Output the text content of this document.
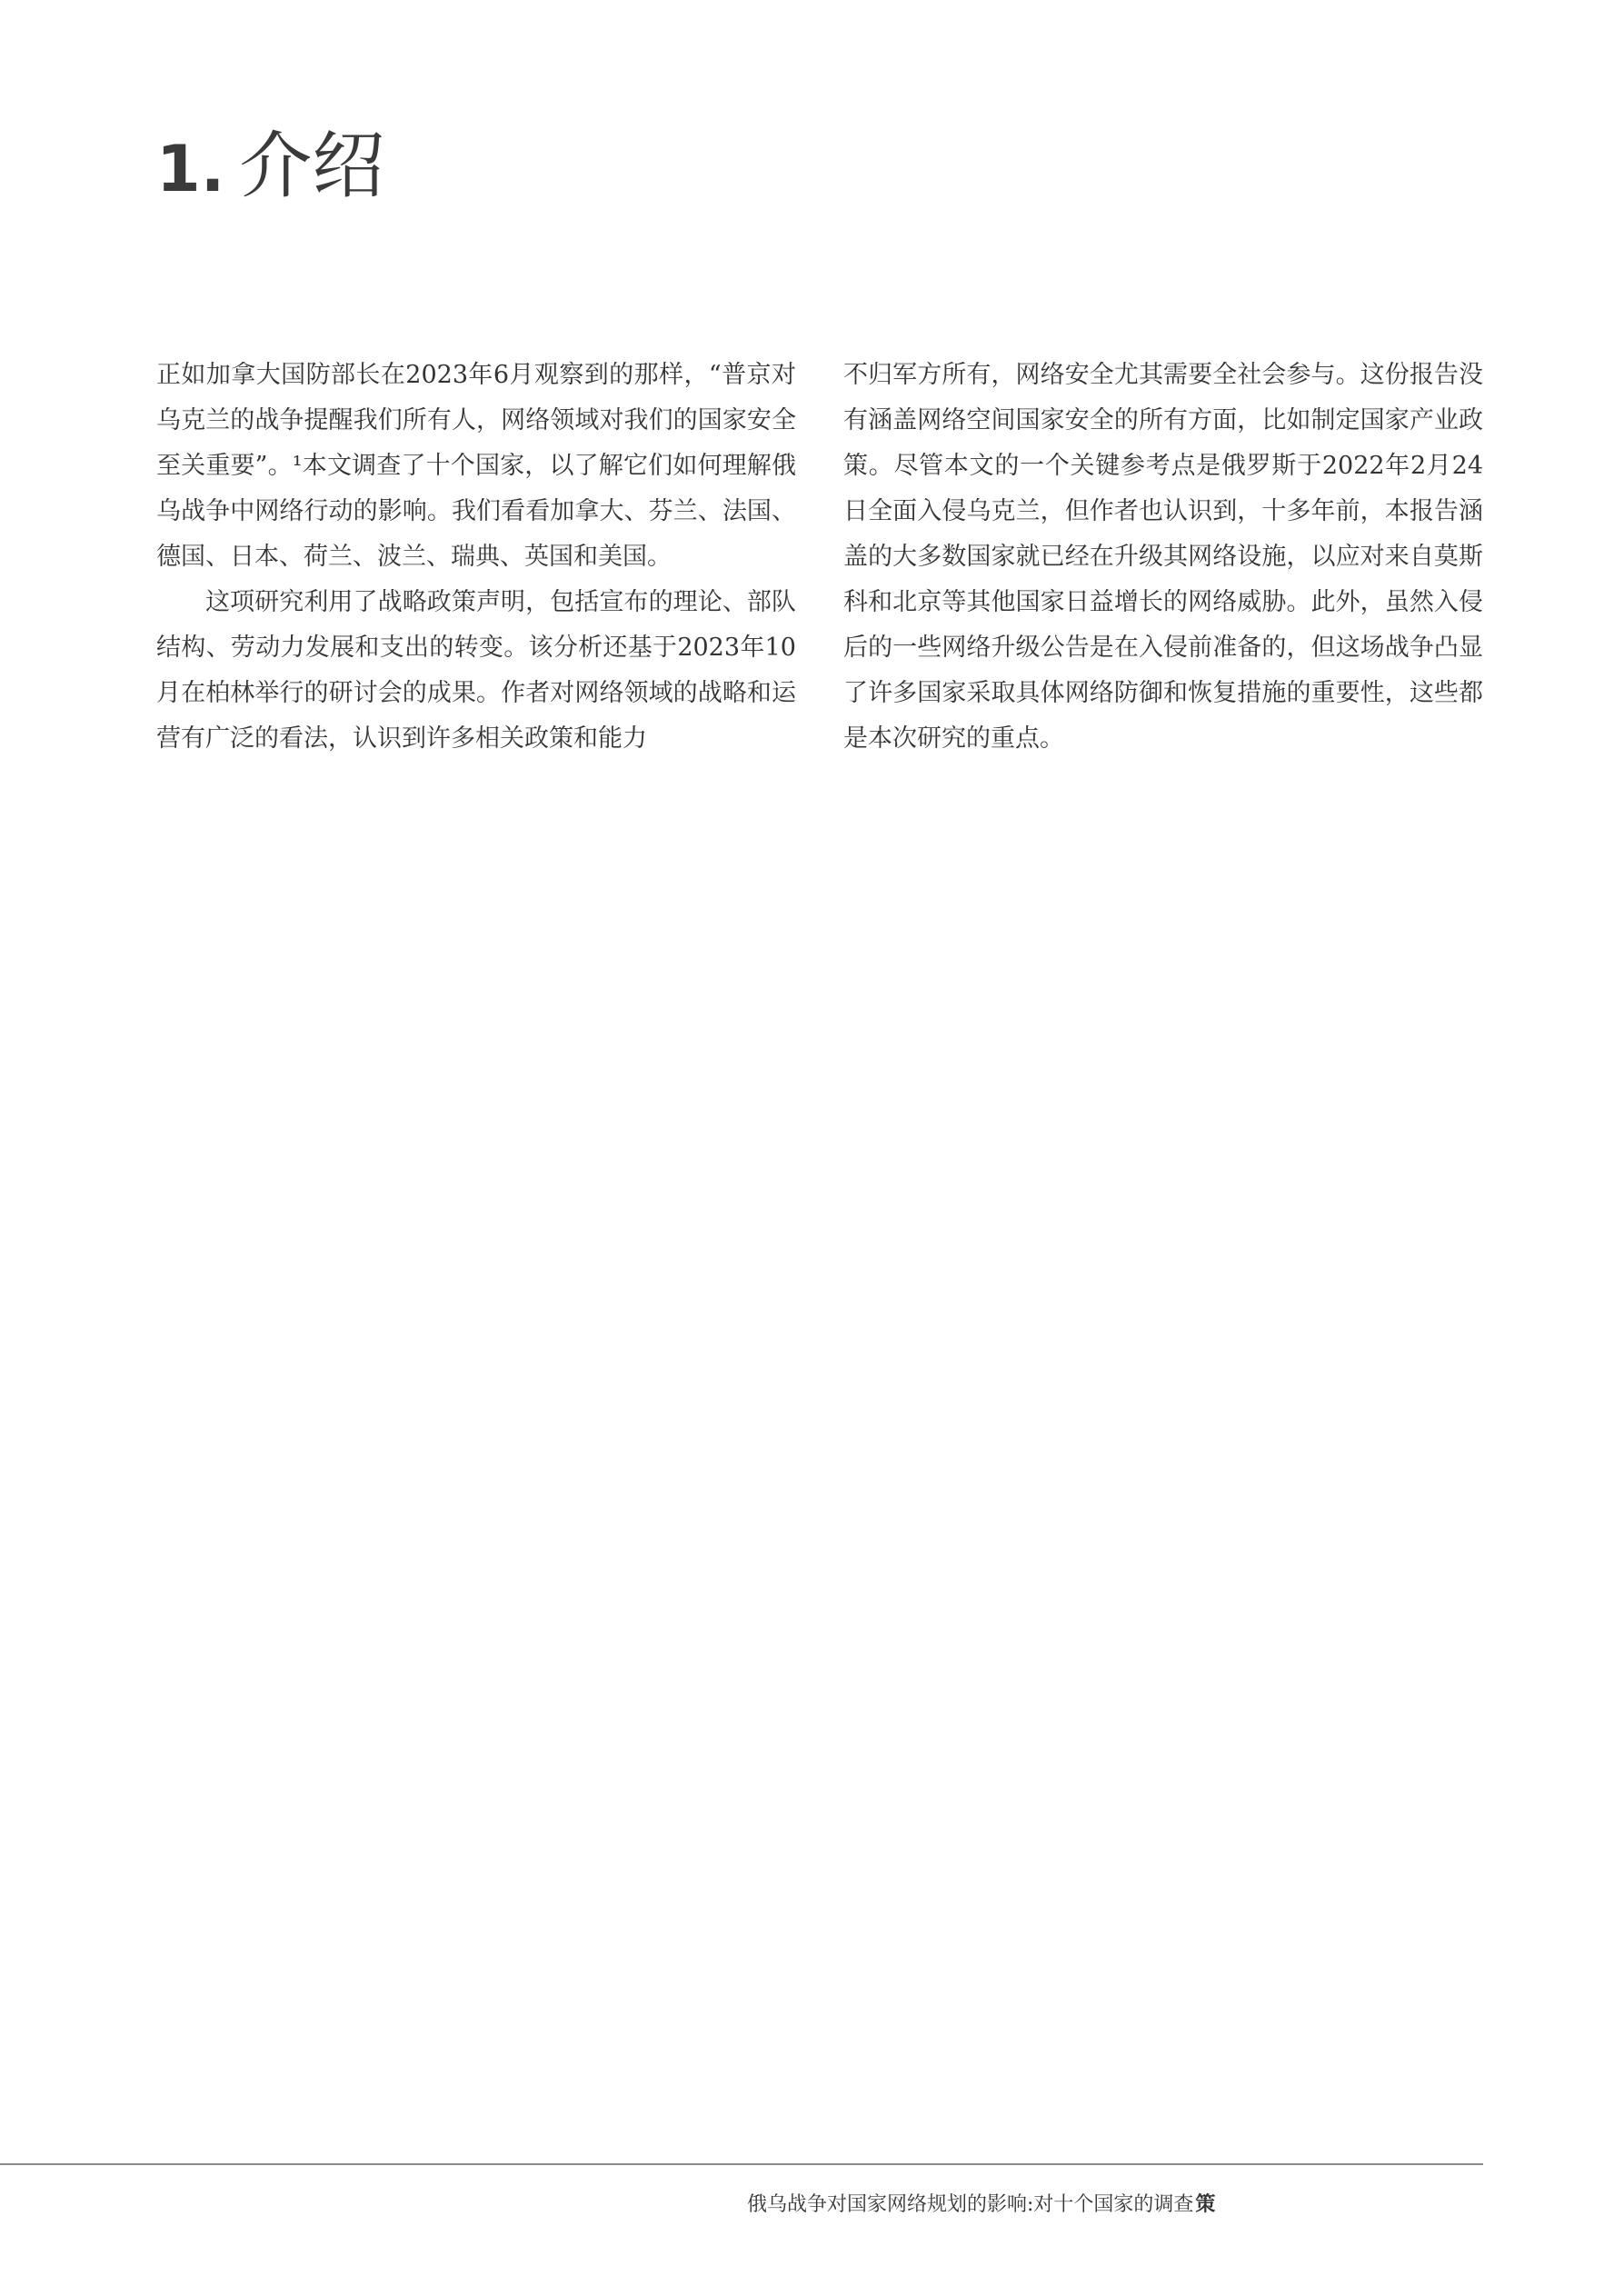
1. 介绍

正如加拿大国防部长在2023年6月观察到的那样，“普京对乌克兰的战争提醒我们所有人，网络领域对我们的国家安全至关重要”。¹本文调查了十个国家，以了解它们如何理解俄乌战争中网络行动的影响。我们看看加拿大、芬兰、法国、德国、日本、荷兰、波兰、瑞典、英国和美国。

这项研究利用了战略政策声明，包括宣布的理论、部队结构、劳动力发展和支出的转变。该分析还基于2023年10月在柏林举行的研讨会的成果。作者对网络领域的战略和运营有广泛的看法，认识到许多相关政策和能力

不归军方所有，网络安全尤其需要全社会参与。这份报告没有涵盖网络空间国家安全的所有方面，比如制定国家产业政策。尽管本文的一个关键参考点是俄罗斯于2022年2月24日全面入侵乌克兰，但作者也认识到，十多年前，本报告涵盖的大多数国家就已经在升级其网络设施，以应对来自莫斯科和北京等其他国家日益增长的网络威胁。此外，虽然入侵后的一些网络升级公告是在入侵前准备的，但这场战争凸显了许多国家采取具体网络防御和恢复措施的重要性，这些都是本次研究的重点。

俄乌战争对国家网络规划的影响:对十个国家的调查策
